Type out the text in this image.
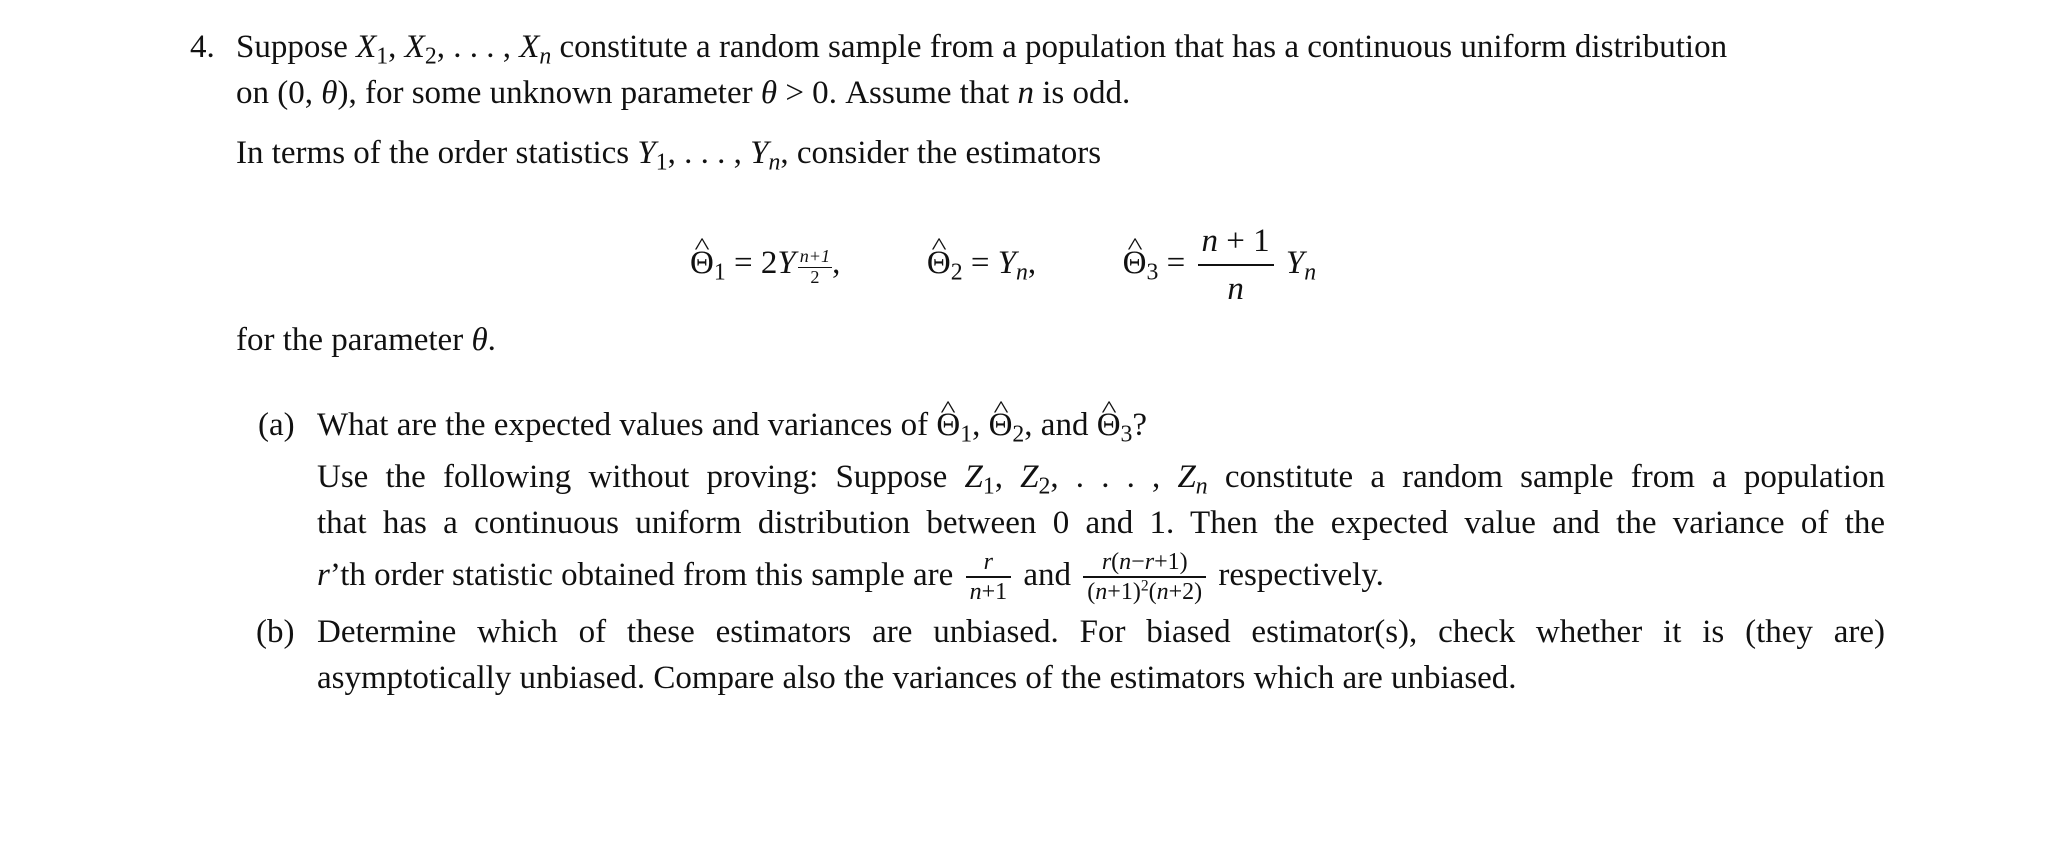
4. Suppose $X_1$, $X_2$, . . . , $X_n$ constitute a random sample from a population that has a continuous uniform distribution
on (0, θ), for some unknown parameter θ > 0. Assume that n is odd.
In terms of the order statistics $Y_1$, . . . , $Y_n$, consider the estimators
^ $\Theta_1 = 2Y \frac{n+1}{2}$ ,  ^ $\Theta_2 = Y_n$,  ^ $\Theta_3 = \frac{n + 1}{n} Y_n$
for the parameter θ.
(a) What are the expected values and variances of ^ $\Theta_1$, ^ $\Theta_2$, and ^ $\Theta_3$?
Use the following without proving: Suppose $Z_1$, $Z_2$, . . . , $Z_n$ constitute a random sample from a population
that has a continuous uniform distribution between 0 and 1. Then the expected value and the variance of the
r’th order statistic obtained from this sample are $\frac{r}{n+1}$ and $\frac{r(n-r+1)}{(n+1)^2(n+2)}$ respectively.
(b) Determine which of these estimators are unbiased. For biased estimator(s), check whether it is (they are)
asymptotically unbiased. Compare also the variances of the estimators which are unbiased.
